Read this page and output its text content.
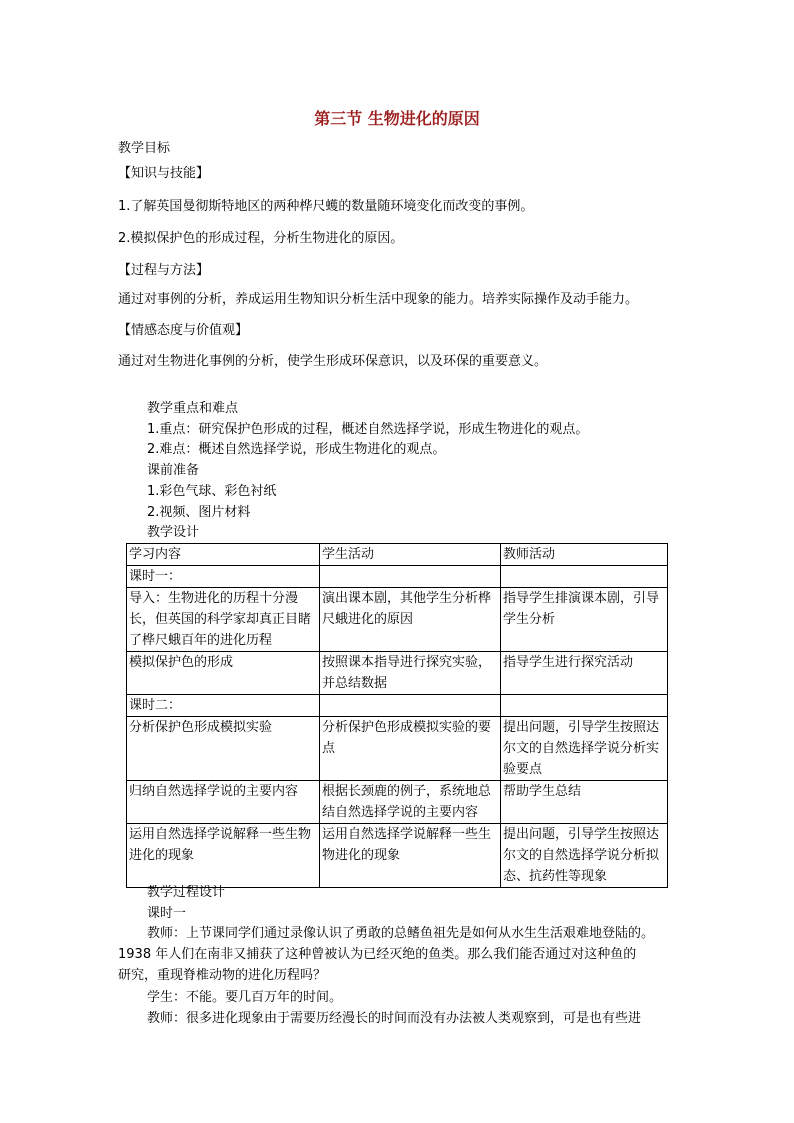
第三节 生物进化的原因
教学目标
【知识与技能】
1.了解英国曼彻斯特地区的两种桦尺蠖的数量随环境变化而改变的事例。
2.模拟保护色的形成过程，分析生物进化的原因。
【过程与方法】
通过对事例的分析，养成运用生物知识分析生活中现象的能力。培养实际操作及动手能力。
【情感态度与价值观】
通过对生物进化事例的分析，使学生形成环保意识，以及环保的重要意义。
教学重点和难点
1.重点：研究保护色形成的过程，概述自然选择学说，形成生物进化的观点。
2.难点：概述自然选择学说，形成生物进化的观点。
课前准备
1.彩色气球、彩色衬纸
2.视频、图片材料
教学设计
学习内容	学生活动	教师活动
课时一：		
导入：生物进化的历程十分漫长，但英国的科学家却真正目睹了桦尺蛾百年的进化历程	演出课本剧，其他学生分析桦尺蛾进化的原因	指导学生排演课本剧，引导学生分析
模拟保护色的形成	按照课本指导进行探究实验，并总结数据	指导学生进行探究活动
课时二：		
分析保护色形成模拟实验	分析保护色形成模拟实验的要点	提出问题，引导学生按照达尔文的自然选择学说分析实验要点
归纳自然选择学说的主要内容	根据长颈鹿的例子，系统地总结自然选择学说的主要内容	帮助学生总结
运用自然选择学说解释一些生物进化的现象	运用自然选择学说解释一些生物进化的现象	提出问题，引导学生按照达尔文的自然选择学说分析拟态、抗药性等现象
教学过程设计
课时一
教师：上节课同学们通过录像认识了勇敢的总鳍鱼祖先是如何从水生生活艰难地登陆的。
1938 年人们在南非又捕获了这种曾被认为已经灭绝的鱼类。那么我们能否通过对这种鱼的
研究，重现脊椎动物的进化历程吗？
学生：不能。要几百万年的时间。
教师：很多进化现象由于需要历经漫长的时间而没有办法被人类观察到，可是也有些进
